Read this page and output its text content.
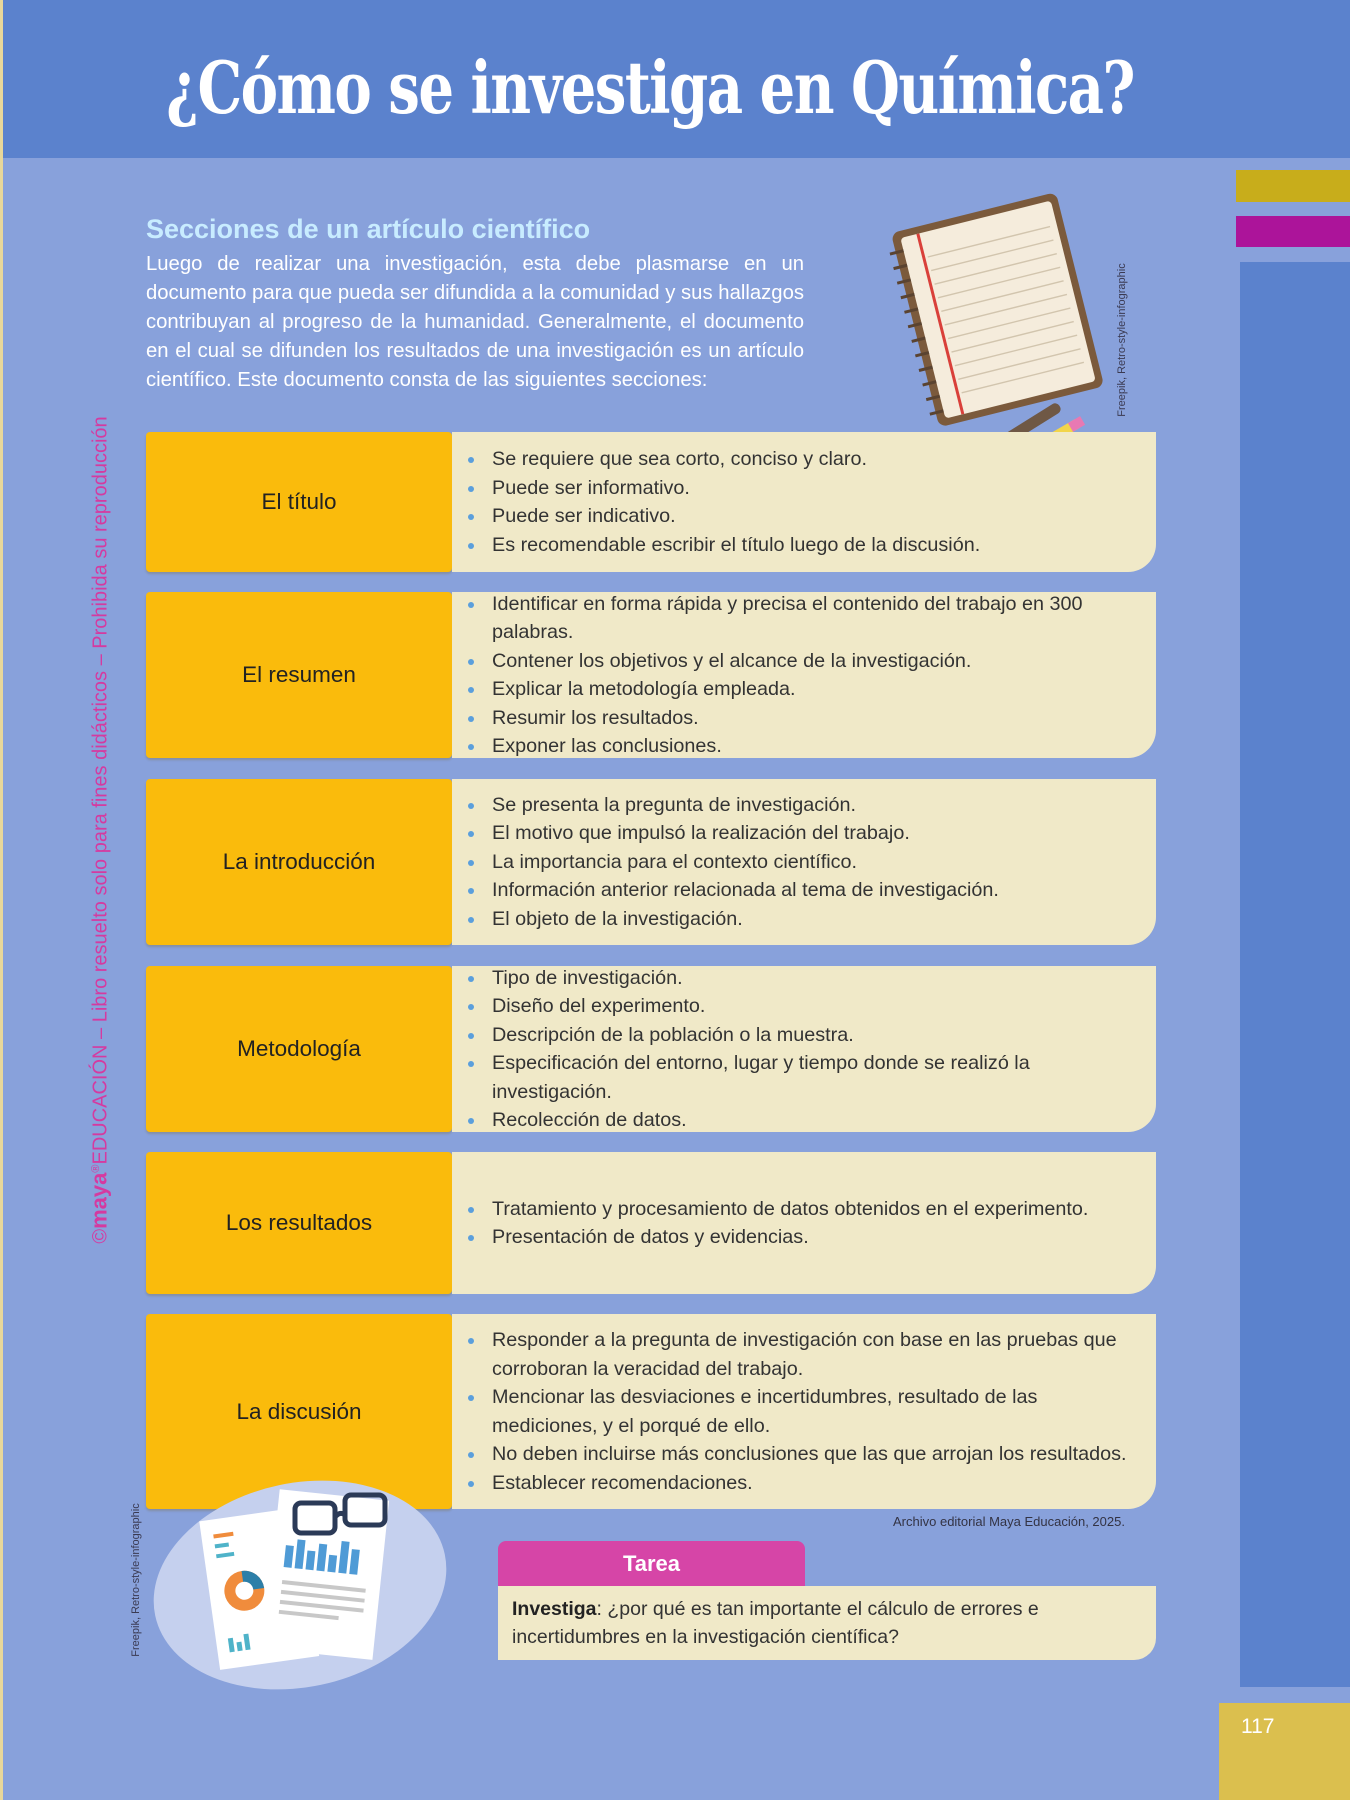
¿Cómo se investiga en Química?
©maya®EDUCACIÓN – Libro resuelto solo para fines didácticos – Prohibida su reproducción
Secciones de un artículo científico

Luego de realizar una investigación, esta debe plasmarse en un documento para que pueda ser difundida a la comunidad y sus hallazgos contribuyan al progreso de la humanidad. Generalmente, el documento en el cual se difunden los resultados de una investigación es un artículo científico. Este documento consta de las siguientes secciones:	Freepik, Retro-style-infographic
El título
Se requiere que sea corto, conciso y claro.
Puede ser informativo.
Puede ser indicativo.
Es recomendable escribir el título luego de la discusión.
El resumen
Identificar en forma rápida y precisa el contenido del trabajo en 300 palabras.
Contener los objetivos y el alcance de la investigación.
Explicar la metodología empleada.
Resumir los resultados.
Exponer las conclusiones.
La introducción
Se presenta la pregunta de investigación.
El motivo que impulsó la realización del trabajo.
La importancia para el contexto científico.
Información anterior relacionada al tema de investigación.
El objeto de la investigación.
Metodología
Tipo de investigación.
Diseño del experimento.
Descripción de la población o la muestra.
Especificación del entorno, lugar y tiempo donde se realizó la investigación.
Recolección de datos.
Los resultados
Tratamiento y procesamiento de datos obtenidos en el experimento.
Presentación de datos y evidencias.
La discusión
Responder a la pregunta de investigación con base en las pruebas que corroboran la veracidad del trabajo.
Mencionar las desviaciones e incertidumbres, resultado de las mediciones, y el porqué de ello.
No deben incluirse más conclusiones que las que arrojan los resultados.
Establecer recomendaciones.
Archivo editorial Maya Educación, 2025.
Freepik, Retro-style-infographic	Tarea
Investiga: ¿por qué es tan importante el cálculo de errores e incertidumbres en la investigación científica?
117
